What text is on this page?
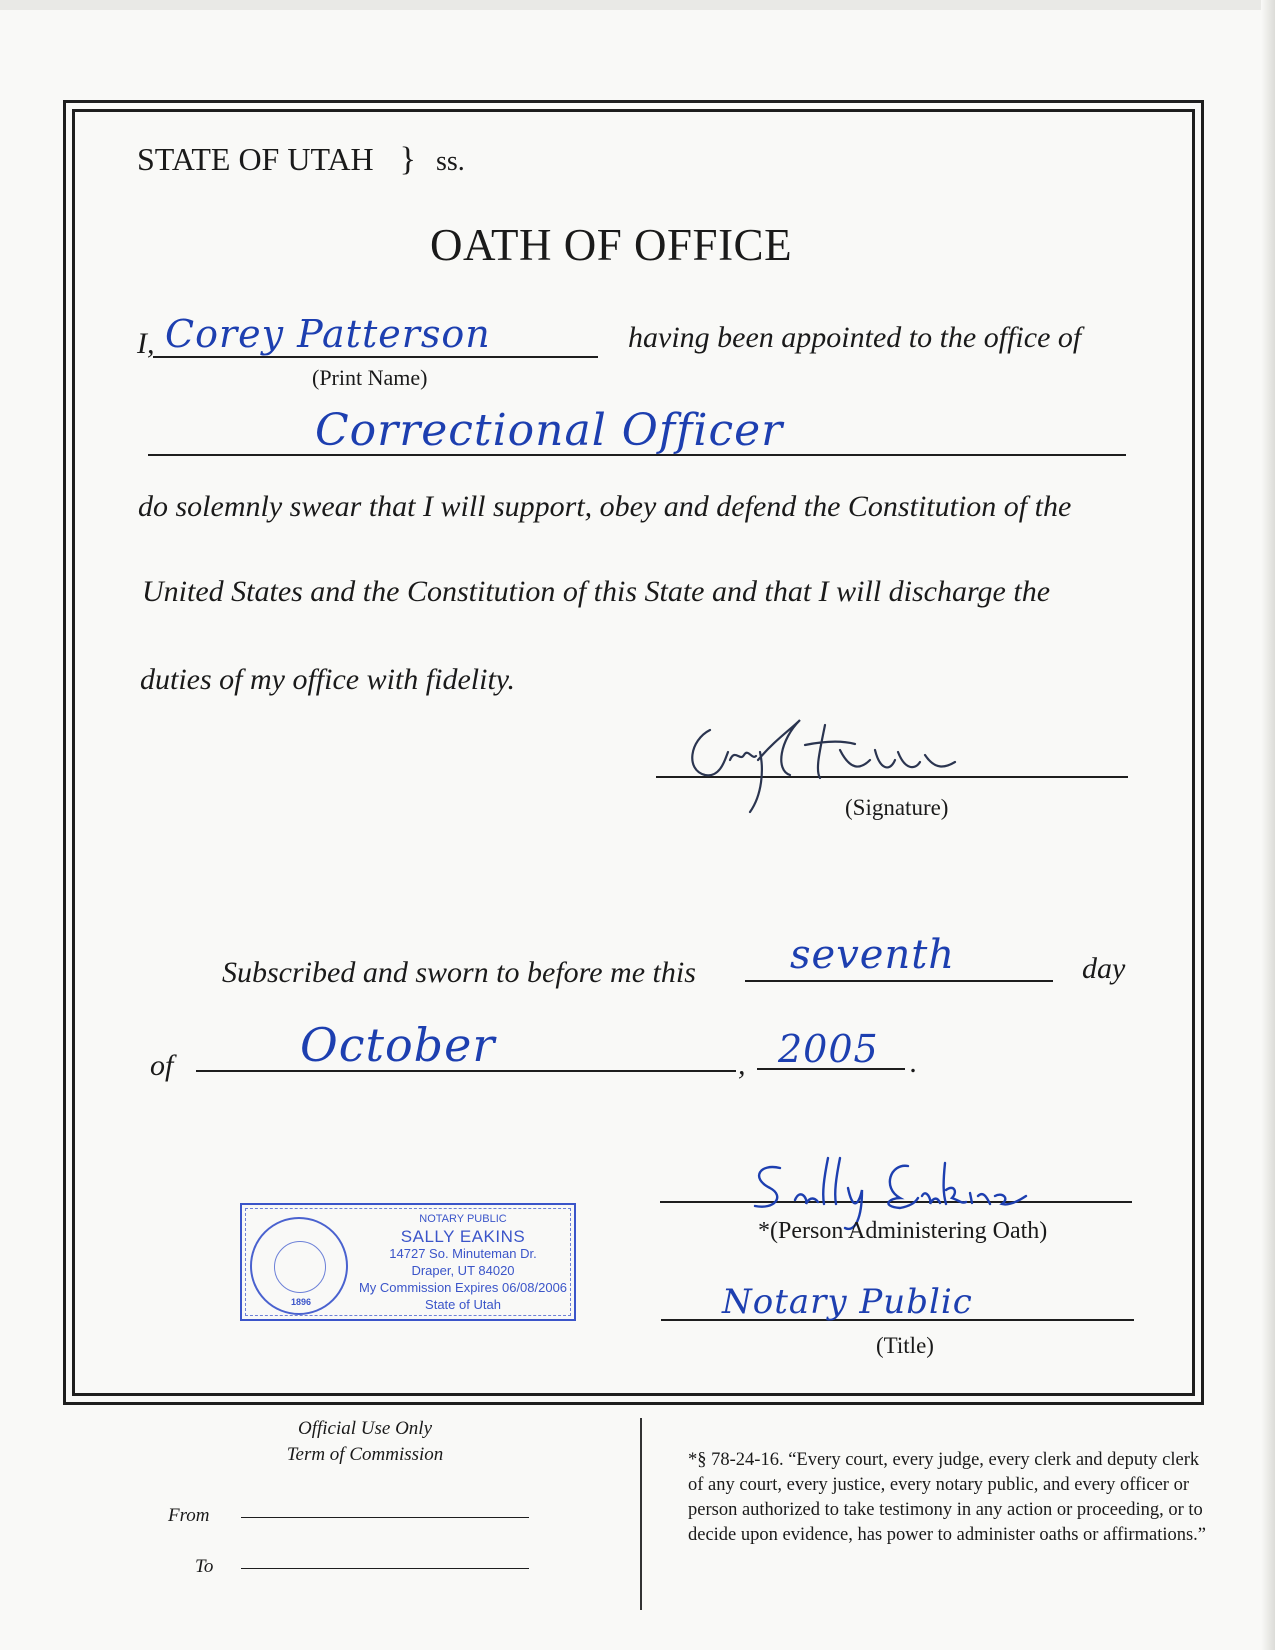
STATE OF UTAH } ss.
OATH OF OFFICE
I, Corey Patterson
(Print Name)
having been appointed to the office of
Correctional Officer
do solemnly swear that I will support, obey and defend the Constitution of the
United States and the Constitution of this State and that I will discharge the
duties of my office with fidelity.
(Signature)
Subscribed and sworn to before me this seventh	day
of	October	, 2005 .
*(Person Administering Oath)
Notary Public
(Title)
1896
NOTARY PUBLIC
SALLY EAKINS
14727 So. Minuteman Dr.
Draper, UT 84020
My Commission Expires 06/08/2006
State of Utah
Official Use Only
Term of Commission
From
To
*§ 78-24-16. “Every court, every judge, every clerk and deputy clerk of any court, every justice, every notary public, and every officer or person authorized to take testimony in any action or proceeding, or to decide upon evidence, has power to administer oaths or affirmations.”
